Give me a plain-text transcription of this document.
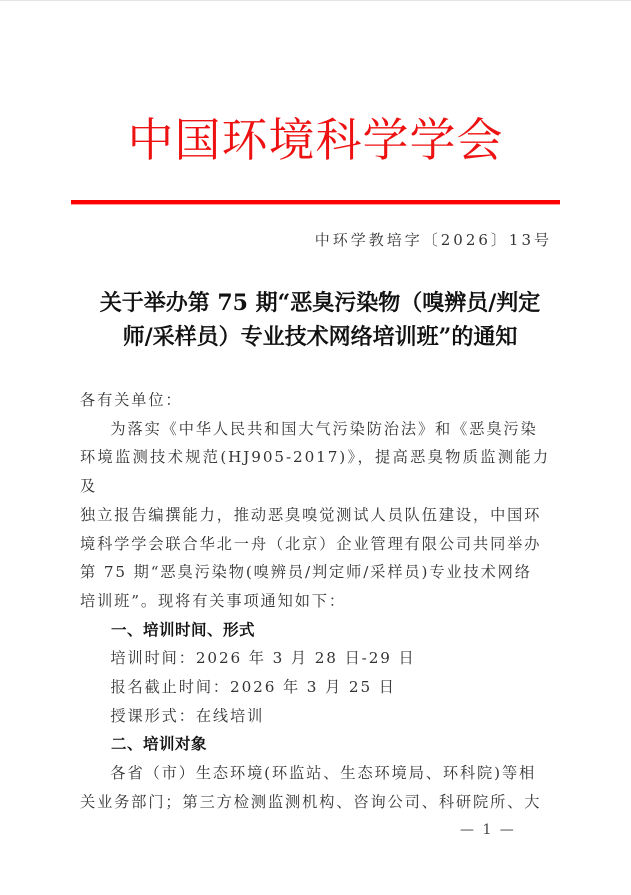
中国环境科学学会
中环学教培字〔2026〕13号
关于举办第 75 期“恶臭污染物（嗅辨员/判定
师/采样员）专业技术网络培训班”的通知

各有关单位：

为落实《中华人民共和国大气污染防治法》和《恶臭污染

环境监测技术规范(HJ905-2017)》，提高恶臭物质监测能力及

独立报告编撰能力，推动恶臭嗅觉测试人员队伍建设，中国环

境科学学会联合华北一舟（北京）企业管理有限公司共同举办

第 75 期“恶臭污染物(嗅辨员/判定师/采样员)专业技术网络

培训班”。现将有关事项通知如下：

一、培训时间、形式

培训时间：2026 年 3 月 28 日-29 日

报名截止时间：2026 年 3 月 25 日

授课形式：在线培训

二、培训对象

各省（市）生态环境(环监站、生态环境局、环科院)等相

关业务部门；第三方检测监测机构、咨询公司、科研院所、大

— 1 —
